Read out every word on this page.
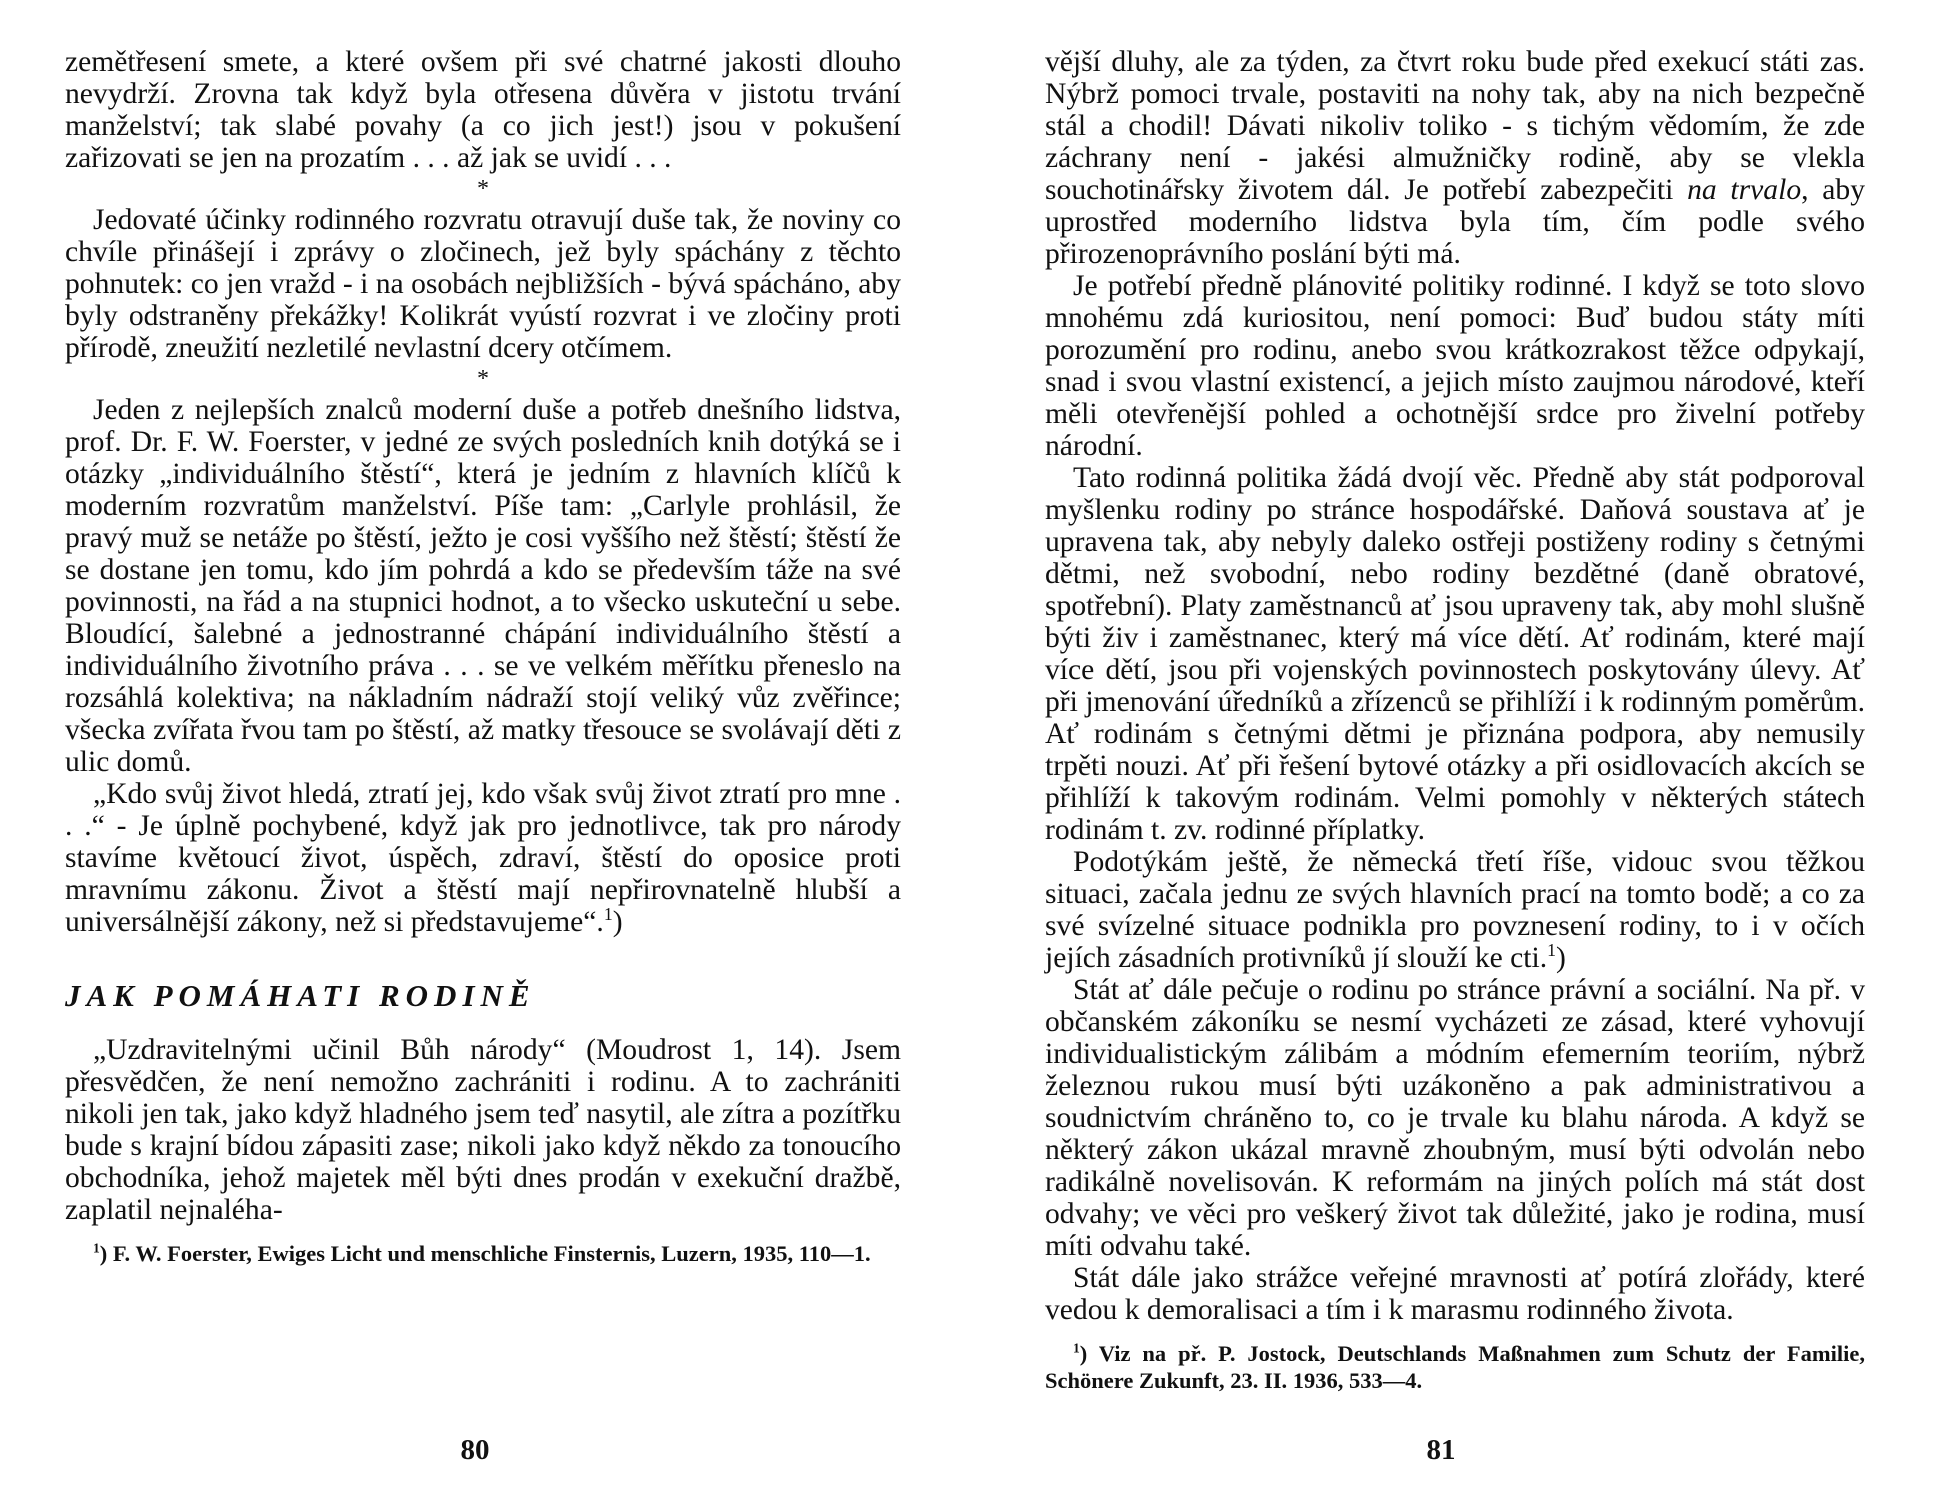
zemětřesení smete, a které ovšem při své chatrné jakosti dlouho nevydrží. Zrovna tak když byla otřesena důvěra v jistotu trvání manželství; tak slabé povahy (a co jich jest!) jsou v pokušení zařizovati se jen na prozatím . . . až jak se uvidí . . .

*

Jedovaté účinky rodinného rozvratu otravují duše tak, že noviny co chvíle přinášejí i zprávy o zločinech, jež byly spáchány z těchto pohnutek: co jen vražd - i na osobách nejbližších - bývá spácháno, aby byly odstraněny překážky! Kolikrát vyústí rozvrat i ve zločiny proti přírodě, zneužití nezletilé nevlastní dcery otčímem.

*

Jeden z nejlepších znalců moderní duše a potřeb dnešního lidstva, prof. Dr. F. W. Foerster, v jedné ze svých posledních knih dotýká se i otázky „individuálního štěstí“, která je jedním z hlavních klíčů k moderním rozvratům manželství. Píše tam: „Carlyle prohlásil, že pravý muž se netáže po štěstí, ježto je cosi vyššího než štěstí; štěstí že se dostane jen tomu, kdo jím pohrdá a kdo se především táže na své povinnosti, na řád a na stupnici hodnot, a to všecko uskuteční u sebe. Bloudící, šalebné a jednostranné chápání individuálního štěstí a individuálního životního práva . . . se ve velkém měřítku přeneslo na rozsáhlá kolektiva; na nákladním nádraží stojí veliký vůz zvěřince; všecka zvířata řvou tam po štěstí, až matky třesouce se svolávají děti z ulic domů.

„Kdo svůj život hledá, ztratí jej, kdo však svůj život ztratí pro mne . . .“ - Je úplně pochybené, když jak pro jednotlivce, tak pro národy stavíme květoucí život, úspěch, zdraví, štěstí do oposice proti mravnímu zákonu. Život a štěstí mají nepřirovnatelně hlubší a universálnější zákony, než si představujeme“.$^1$)

JAK POMÁHATI RODINĚ

„Uzdravitelnými učinil Bůh národy“ (Moudrost 1, 14). Jsem přesvědčen, že není nemožno zachrániti i rodinu. A to zachrániti nikoli jen tak, jako když hladného jsem teď nasytil, ale zítra a pozítřku bude s krajní bídou zápasiti zase; nikoli jako když někdo za tonoucího obchodníka, jehož majetek měl býti dnes prodán v exekuční dražbě, zaplatil nejnaléha-

$^1$) F. W. Foerster, Ewiges Licht und menschliche Finsternis, Luzern, 1935, 110—1.

80

vější dluhy, ale za týden, za čtvrt roku bude před exekucí státi zas. Nýbrž pomoci trvale, postaviti na nohy tak, aby na nich bezpečně stál a chodil! Dávati nikoliv toliko - s tichým vědomím, že zde záchrany není - jakési almužničky rodině, aby se vlekla souchotinářsky životem dál. Je potřebí zabezpečiti na trvalo, aby uprostřed moderního lidstva byla tím, čím podle svého přirozenoprávního poslání býti má.

Je potřebí předně plánovité politiky rodinné. I když se toto slovo mnohému zdá kuriositou, není pomoci: Buď budou státy míti porozumění pro rodinu, anebo svou krátkozrakost těžce odpykají, snad i svou vlastní existencí, a jejich místo zaujmou národové, kteří měli otevřenější pohled a ochotnější srdce pro živelní potřeby národní.

Tato rodinná politika žádá dvojí věc. Předně aby stát podporoval myšlenku rodiny po stránce hospodářské. Daňová soustava ať je upravena tak, aby nebyly daleko ostřeji postiženy rodiny s četnými dětmi, než svobodní, nebo rodiny bezdětné (daně obratové, spotřební). Platy zaměstnanců ať jsou upraveny tak, aby mohl slušně býti živ i zaměstnanec, který má více dětí. Ať rodinám, které mají více dětí, jsou při vojenských povinnostech poskytovány úlevy. Ať při jmenování úředníků a zřízenců se přihlíží i k rodinným poměrům. Ať rodinám s četnými dětmi je přiznána podpora, aby nemusily trpěti nouzi. Ať při řešení bytové otázky a při osidlovacích akcích se přihlíží k takovým rodinám. Velmi pomohly v některých státech rodinám t. zv. rodinné příplatky.

Podotýkám ještě, že německá třetí říše, vidouc svou těžkou situaci, začala jednu ze svých hlavních prací na tomto bodě; a co za své svízelné situace podnikla pro povznesení rodiny, to i v očích jejích zásadních protivníků jí slouží ke cti.$^1$)

Stát ať dále pečuje o rodinu po stránce právní a sociální. Na př. v občanském zákoníku se nesmí vycházeti ze zásad, které vyhovují individualistickým zálibám a módním efemerním teoriím, nýbrž železnou rukou musí býti uzákoněno a pak administrativou a soudnictvím chráněno to, co je trvale ku blahu národa. A když se některý zákon ukázal mravně zhoubným, musí býti odvolán nebo radikálně novelisován. K reformám na jiných polích má stát dost odvahy; ve věci pro veškerý život tak důležité, jako je rodina, musí míti odvahu také.

Stát dále jako strážce veřejné mravnosti ať potírá zlořády, které vedou k demoralisaci a tím i k marasmu rodinného života.

$^1$) Viz na př. P. Jostock, Deutschlands Maßnahmen zum Schutz der Familie, Schönere Zukunft, 23. II. 1936, 533—4.

81
